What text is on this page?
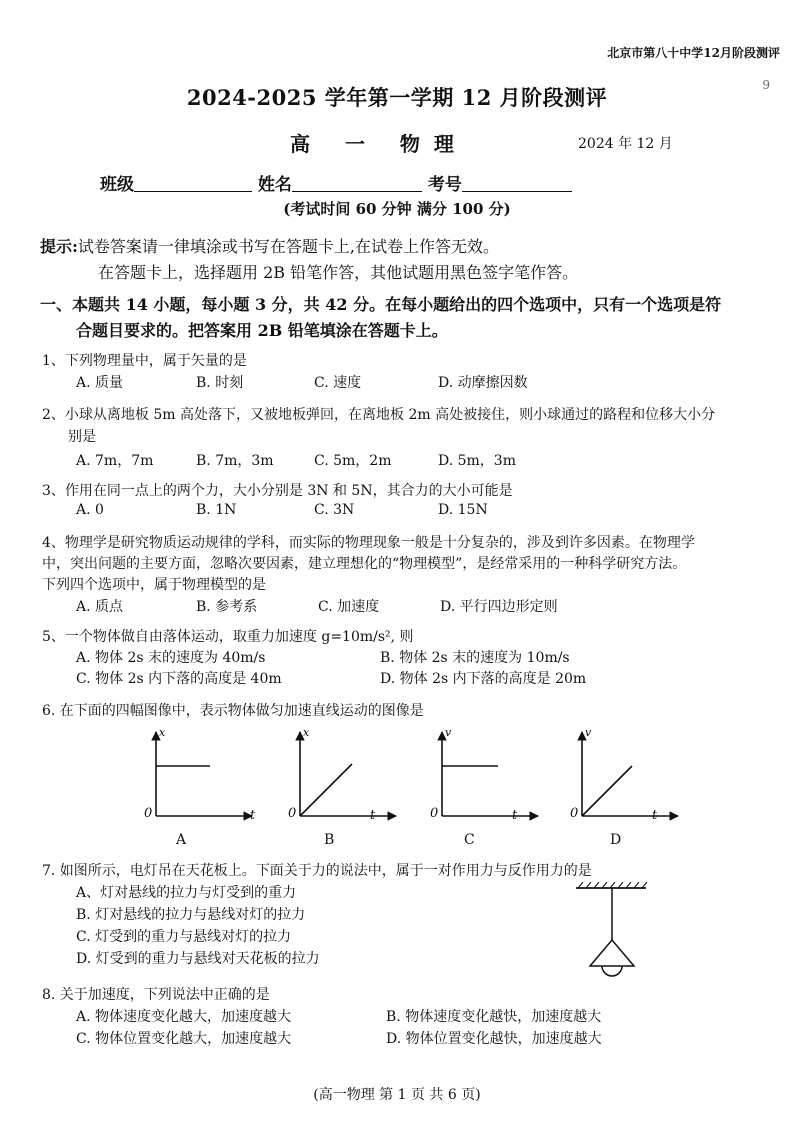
北京市第八十中学12月阶段测评
9
2024-2025 学年第一学期 12 月阶段测评
高 一 物理	2024 年 12 月
班级	姓名	考号
(考试时间 60 分钟 满分 100 分)
提示:试卷答案请一律填涂或书写在答题卡上,在试卷上作答无效。
在答题卡上，选择题用 2B 铅笔作答，其他试题用黑色签字笔作答。
一、本题共 14 小题，每小题 3 分，共 42 分。在每小题给出的四个选项中，只有一个选项是符
合题目要求的。把答案用 2B 铅笔填涂在答题卡上。
1、下列物理量中，属于矢量的是
A. 质量	B. 时刻	C. 速度	D. 动摩擦因数
2、小球从离地板 5m 高处落下，又被地板弹回，在离地板 2m 高处被接住，则小球通过的路程和位移大小分
别是
A. 7m，7m	B. 7m，3m	C. 5m，2m	D. 5m，3m
3、作用在同一点上的两个力，大小分别是 3N 和 5N，其合力的大小可能是
A. 0	B. 1N	C. 3N	D. 15N
4、物理学是研究物质运动规律的学科，而实际的物理现象一般是十分复杂的，涉及到许多因素。在物理学
中，突出问题的主要方面，忽略次要因素，建立理想化的“物理模型”，是经常采用的一种科学研究方法。
下列四个选项中，属于物理模型的是
A. 质点	B. 参考系	C. 加速度	D. 平行四边形定则
5、一个物体做自由落体运动，取重力加速度 g=10m/s², 则
A. 物体 2s 末的速度为 40m/s	B. 物体 2s 末的速度为 10m/s
C. 物体 2s 内下落的高度是 40m	D. 物体 2s 内下落的高度是 20m
6. 在下面的四幅图像中，表示物体做匀加速直线运动的图像是
x
0	t
A
x
0	t
B
v
0	t
C
v
0	t
D
7. 如图所示，电灯吊在天花板上。下面关于力的说法中，属于一对作用力与反作用力的是
A、灯对悬线的拉力与灯受到的重力
B. 灯对悬线的拉力与悬线对灯的拉力
C. 灯受到的重力与悬线对灯的拉力
D. 灯受到的重力与悬线对天花板的拉力
8. 关于加速度，下列说法中正确的是
A. 物体速度变化越大，加速度越大	B. 物体速度变化越快，加速度越大
C. 物体位置变化越大，加速度越大	D. 物体位置变化越快，加速度越大
(高一物理 第 1 页 共 6 页)
